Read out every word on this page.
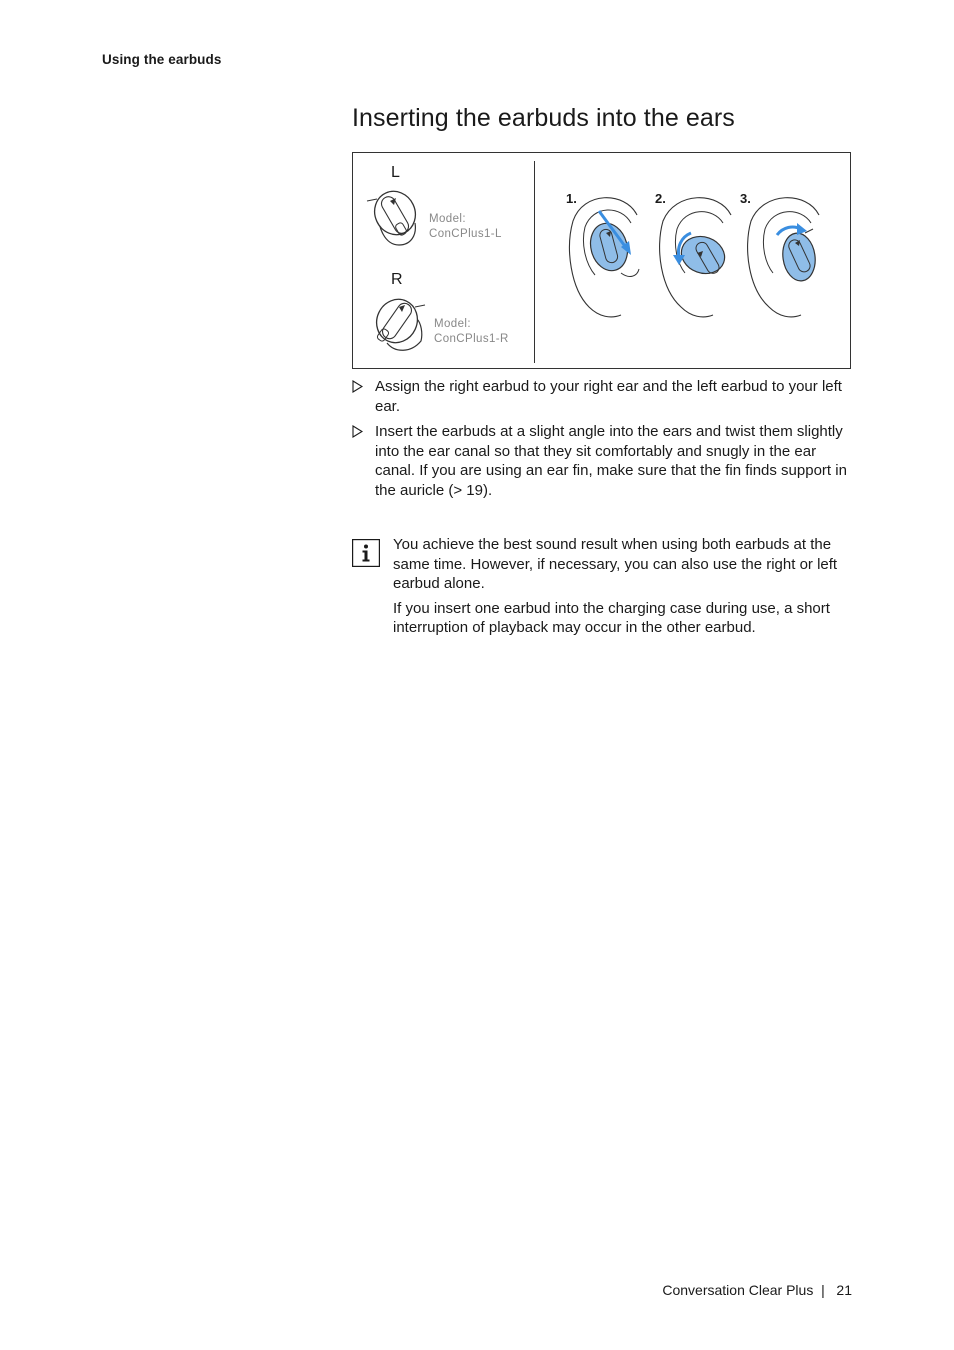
Using the earbuds
Inserting the earbuds into the ears
L
Model:
ConCPlus1-L
R
Model:
ConCPlus1-R
1.	2.	3.
Assign the right earbud to your right ear and the left earbud to your left ear.
Insert the earbuds at a slight angle into the ears and twist them slightly into the ear canal so that they sit comfortably and snugly in the ear canal. If you are using an ear fin, make sure that the fin finds support in the auricle (> 19).

You achieve the best sound result when using both earbuds at the same time. However, if necessary, you can also use the right or left earbud alone.

If you insert one earbud into the charging case during use, a short interruption of playback may occur in the other earbud.

Conversation Clear Plus  |   21
